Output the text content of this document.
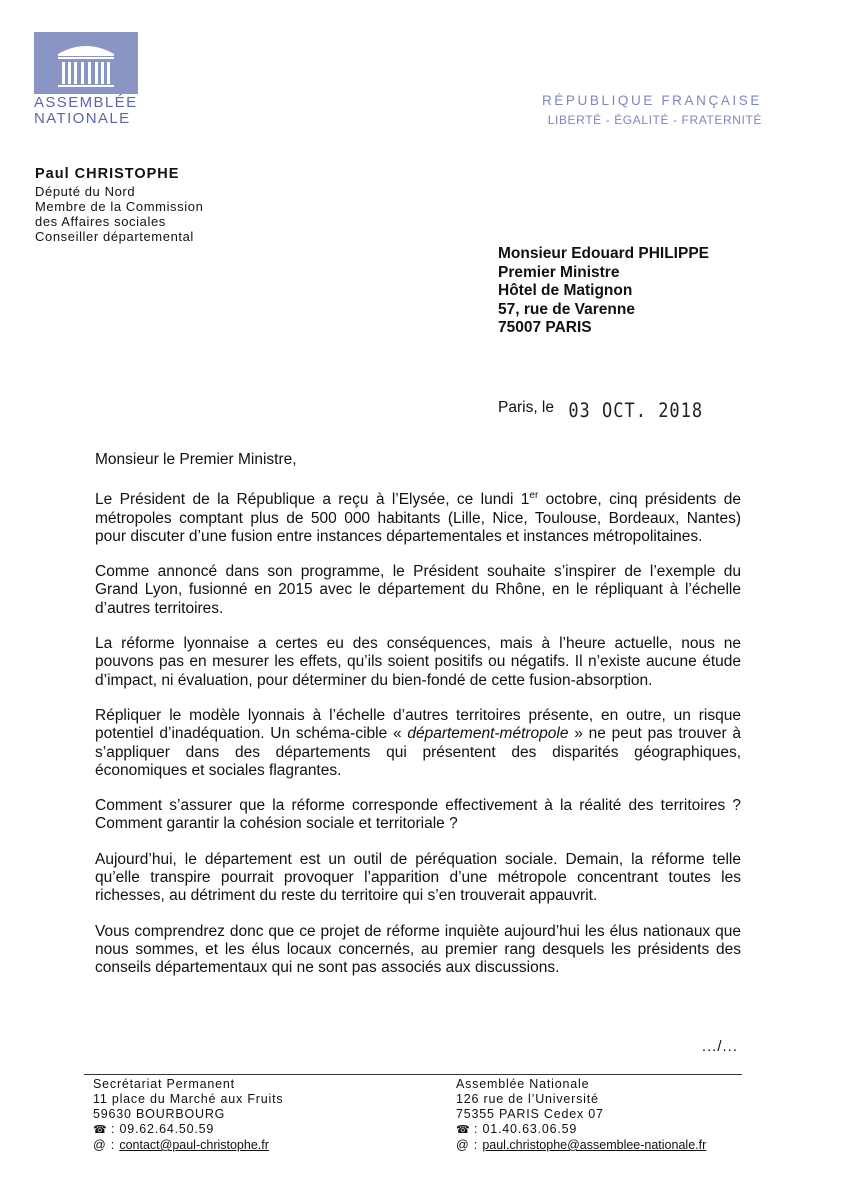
ASSEMBLÉE
NATIONALE
RÉPUBLIQUE FRANÇAISE
LIBERTÉ - ÉGALITÉ - FRATERNITÉ
Paul CHRISTOPHE
Député du Nord
Membre de la Commission
des Affaires sociales
Conseiller départemental
Monsieur Edouard PHILIPPE
Premier Ministre
Hôtel de Matignon
57, rue de Varenne
75007 PARIS
Paris, le 03 OCT. 2018

Monsieur le Premier Ministre,

Le Président de la République a reçu à l’Elysée, ce lundi 1er octobre, cinq présidents de métropoles comptant plus de 500 000 habitants (Lille, Nice, Toulouse, Bordeaux, Nantes) pour discuter d’une fusion entre instances départementales et instances métropolitaines.

Comme annoncé dans son programme, le Président souhaite s’inspirer de l’exemple du Grand Lyon, fusionné en 2015 avec le département du Rhône, en le répliquant à l’échelle d’autres territoires.

La réforme lyonnaise a certes eu des conséquences, mais à l’heure actuelle, nous ne pouvons pas en mesurer les effets, qu’ils soient positifs ou négatifs. Il n’existe aucune étude d’impact, ni évaluation, pour déterminer du bien-fondé de cette fusion-absorption.

Répliquer le modèle lyonnais à l’échelle d’autres territoires présente, en outre, un risque potentiel d’inadéquation. Un schéma-cible « département-métropole » ne peut pas trouver à s’appliquer dans des départements qui présentent des disparités géographiques, économiques et sociales flagrantes.

Comment s’assurer que la réforme corresponde effectivement à la réalité des territoires ? Comment garantir la cohésion sociale et territoriale ?

Aujourd’hui, le département est un outil de péréquation sociale. Demain, la réforme telle qu’elle transpire pourrait provoquer l’apparition d’une métropole concentrant toutes les richesses, au détriment du reste du territoire qui s’en trouverait appauvrit.

Vous comprendrez donc que ce projet de réforme inquiète aujourd’hui les élus nationaux que nous sommes, et les élus locaux concernés, au premier rang desquels les présidents des conseils départementaux qui ne sont pas associés aux discussions.

.../...
Secrétariat Permanent
11 place du Marché aux Fruits
59630 BOURBOURG
☎ : 09.62.64.50.59
@ : contact@paul-christophe.fr
Assemblée Nationale
126 rue de l’Université
75355 PARIS Cedex 07
☎ : 01.40.63.06.59
@ : paul.christophe@assemblee-nationale.fr
